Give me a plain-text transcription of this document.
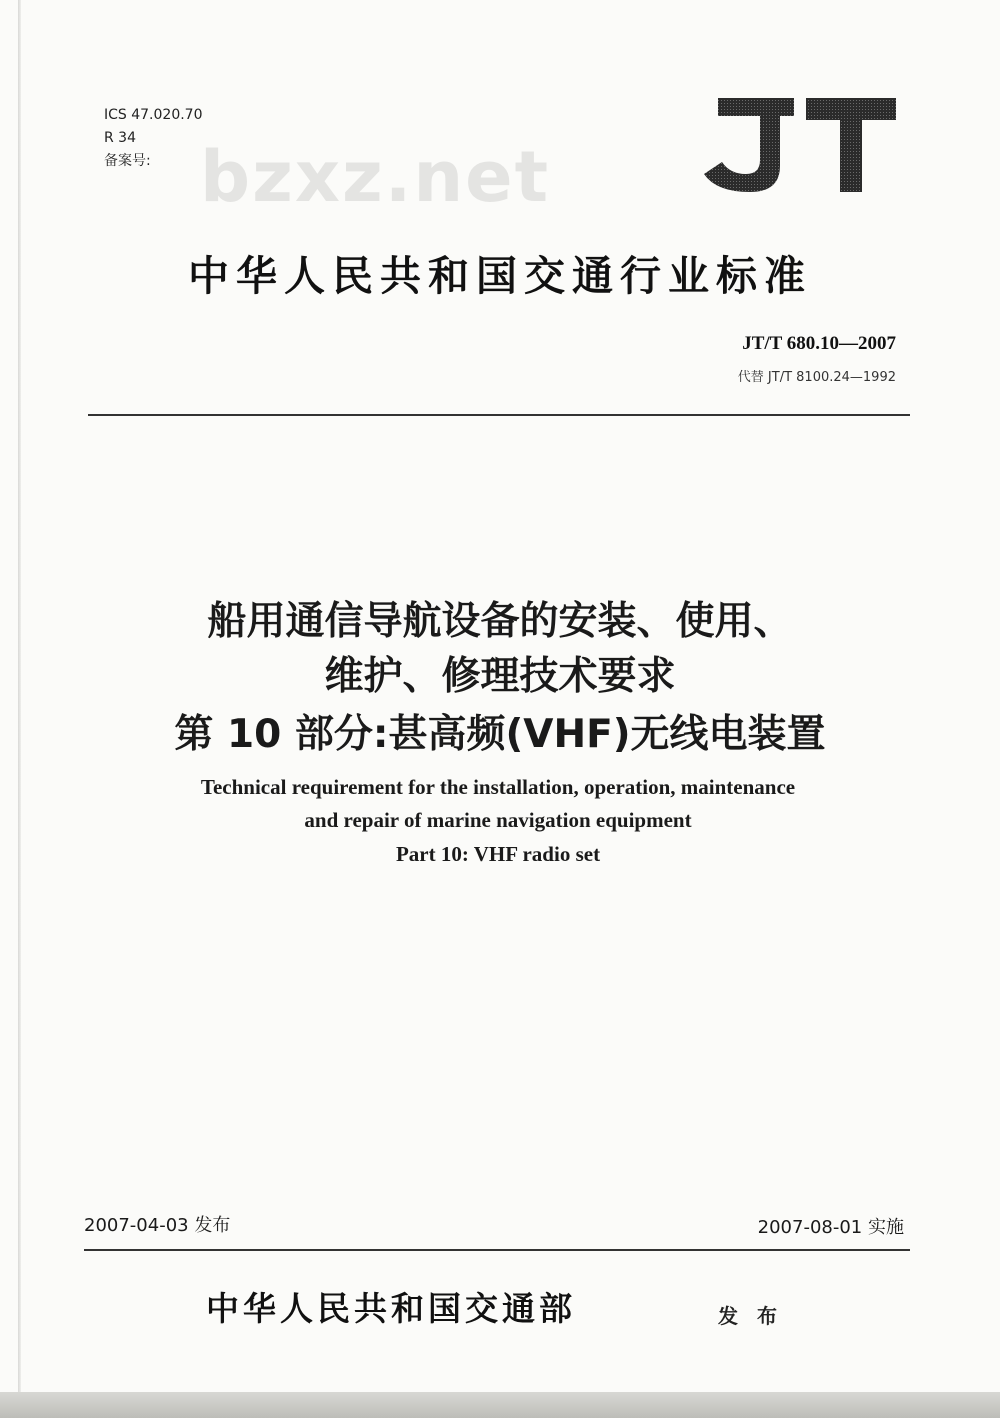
ICS 47.020.70
R 34
备案号: bzxz.net
中华人民共和国交通行业标准
JT/T 680.10—2007
代替 JT/T 8100.24—1992
船用通信导航设备的安装、使用、
维护、修理技术要求
第 10 部分:甚高频(VHF)无线电装置
Technical requirement for the installation, operation, maintenance
and repair of marine navigation equipment
Part 10: VHF radio set
2007-04-03 发布	2007-08-01 实施
中华人民共和国交通部	发 布
